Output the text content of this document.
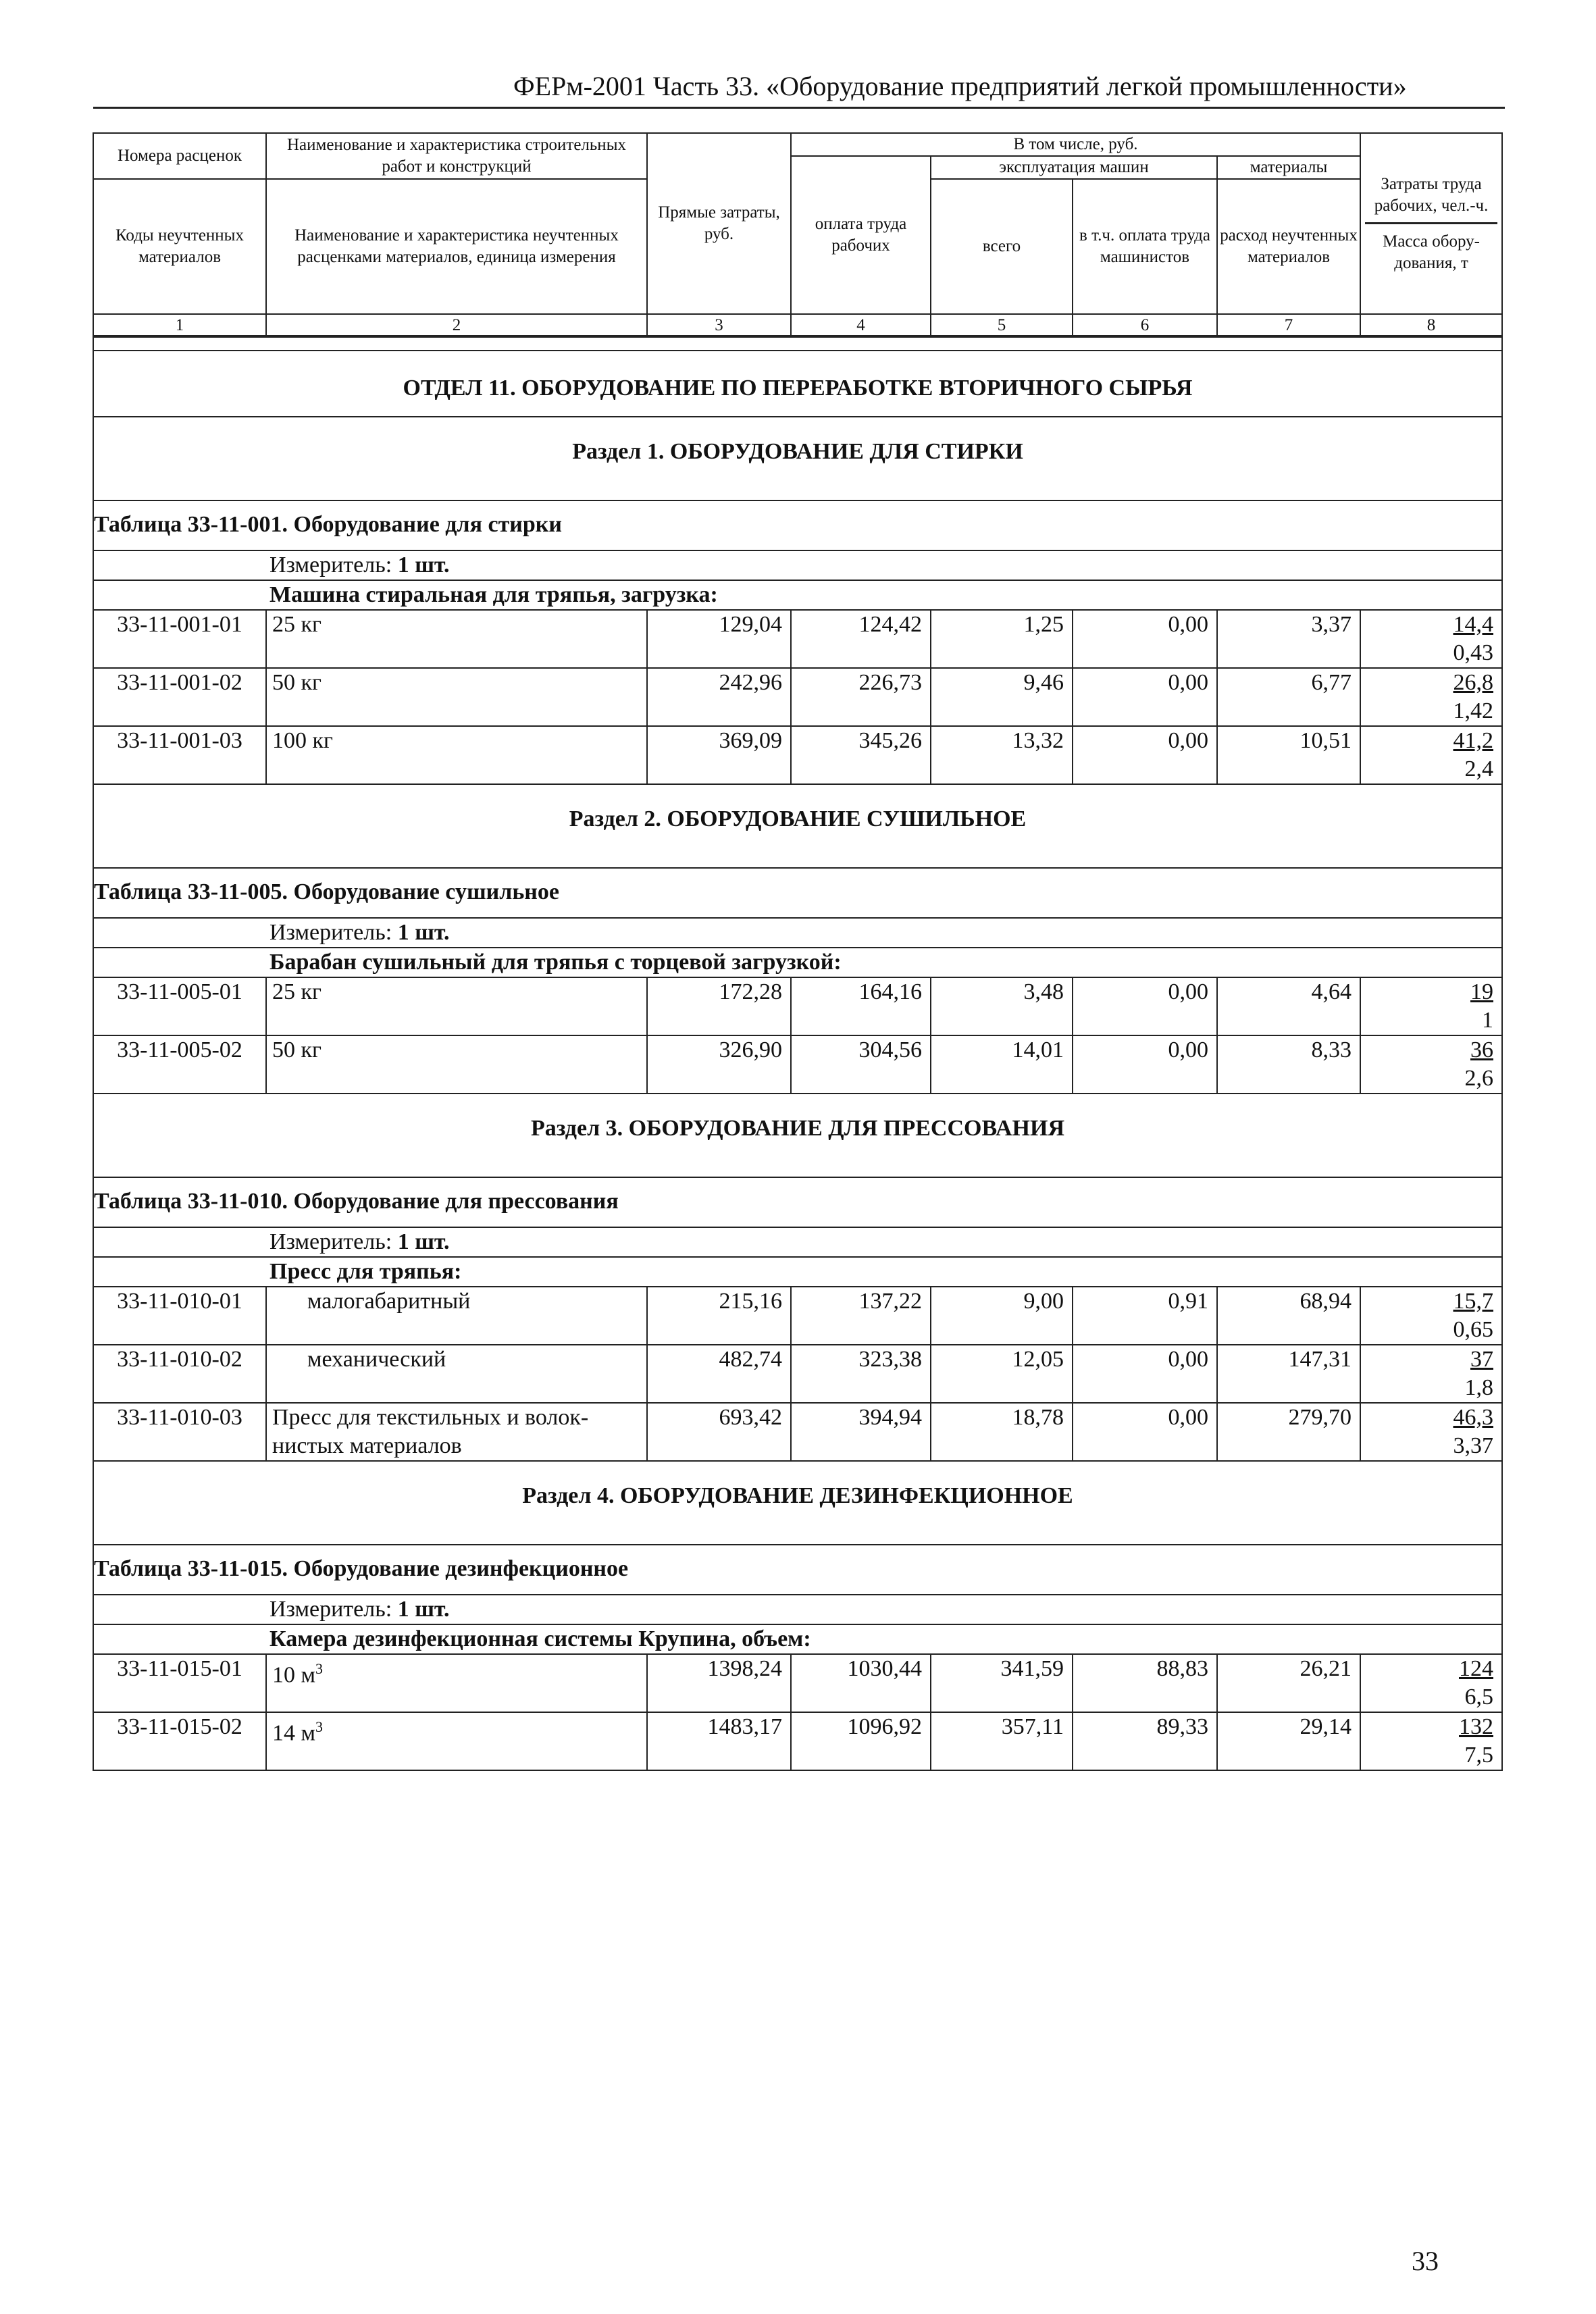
ФЕРм-2001 Часть 33. «Оборудование предприятий легкой промышленности»
Номера расценок	Наименование и характеристика строительных работ и конструкций	Прямые затраты, руб.	В том числе, руб.				Затраты труда рабочих, чел.-ч.
Масса обору-дования, т

			оплата труда рабочих	эксплуатация машин		материалы	
Коды неучтенных материалов	Наименование и характеристика неучтенных расценками материалов, единица измерения			всего	в т.ч. оплата труда машинистов	расход неучтенных материалов	
1	2	3	4	5	6	7	8

ОТДЕЛ 11. ОБОРУДОВАНИЕ ПО ПЕРЕРАБОТКЕ ВТОРИЧНОГО СЫРЬЯ							
Раздел 1. ОБОРУДОВАНИЕ ДЛЯ СТИРКИ							
Таблица 33-11-001. Оборудование для стирки							
Измеритель: 1 шт.							
Машина стиральная для тряпья, загрузка:							
33-11-001-01	25 кг	129,04	124,42	1,25	0,00	3,37	14,4
0,43

33-11-001-02	50 кг	242,96	226,73	9,46	0,00	6,77	26,8
1,42

33-11-001-03	100 кг	369,09	345,26	13,32	0,00	10,51	41,2
2,4

Раздел 2. ОБОРУДОВАНИЕ СУШИЛЬНОЕ							
Таблица 33-11-005. Оборудование сушильное							
Измеритель: 1 шт.							
Барабан сушильный для тряпья с торцевой загрузкой:							
33-11-005-01	25 кг	172,28	164,16	3,48	0,00	4,64	19
1

33-11-005-02	50 кг	326,90	304,56	14,01	0,00	8,33	36
2,6

Раздел 3. ОБОРУДОВАНИЕ ДЛЯ ПРЕССОВАНИЯ							
Таблица 33-11-010. Оборудование для прессования							
Измеритель: 1 шт.							
Пресс для тряпья:							
33-11-010-01	малогабаритный	215,16	137,22	9,00	0,91	68,94	15,7
0,65

33-11-010-02	механический	482,74	323,38	12,05	0,00	147,31	37
1,8

33-11-010-03	Пресс для текстильных и волок-
нистых материалов	693,42	394,94	18,78	0,00	279,70	46,3
3,37

Раздел 4. ОБОРУДОВАНИЕ ДЕЗИНФЕКЦИОННОЕ							
Таблица 33-11-015. Оборудование дезинфекционное							
Измеритель: 1 шт.							
Камера дезинфекционная системы Крупина, объем:							
33-11-015-01	10 $м^3$	1398,24	1030,44	341,59	88,83	26,21	124
6,5

33-11-015-02	14 $м^3$	1483,17	1096,92	357,11	89,33	29,14	132
7,5
33
